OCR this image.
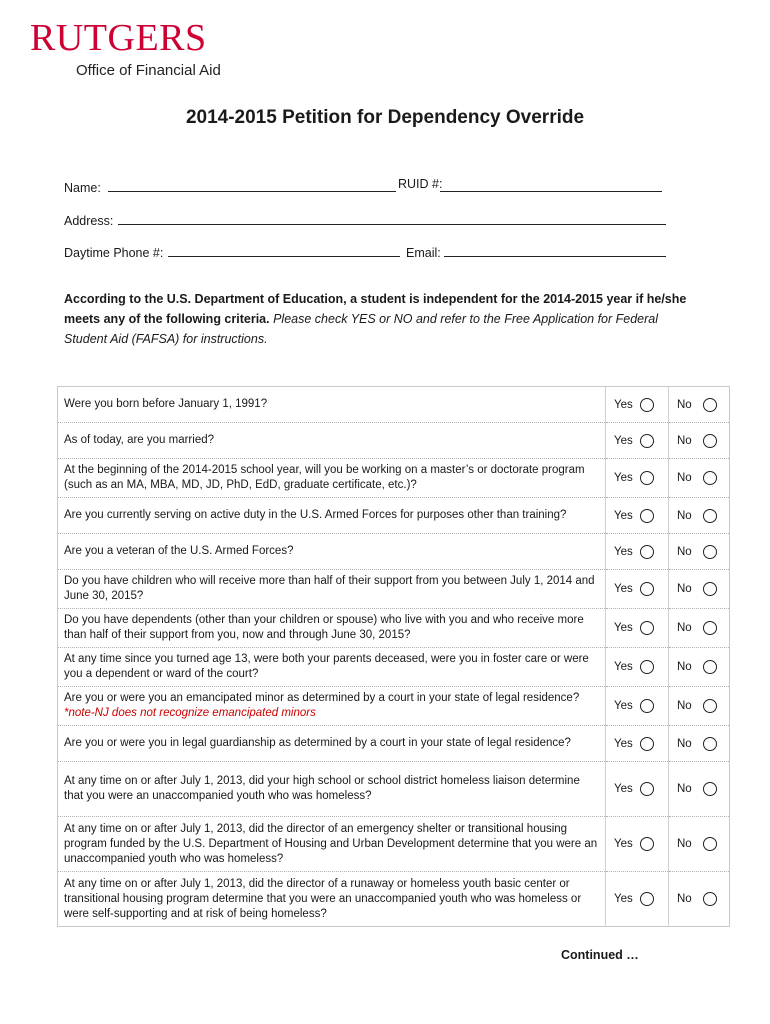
RUTGERS
Office of Financial Aid
2014-2015 Petition for Dependency Override
Name:	RUID #:
Address:
Daytime Phone #:	Email:
According to the U.S. Department of Education, a student is independent for the 2014-2015 year if he/she meets any of the following criteria. Please check YES or NO and refer to the Free Application for Federal Student Aid (FAFSA) for instructions.
Were you born before January 1, 1991?	Yes	No

As of today, are you married?	Yes	No

At the beginning of the 2014-2015 school year, will you be working on a master’s or doctorate program (such as an MA, MBA, MD, JD, PhD, EdD, graduate certificate, etc.)?	Yes	No

Are you currently serving on active duty in the U.S. Armed Forces for purposes other than training?	Yes	No

Are you a veteran of the U.S. Armed Forces?	Yes	No

Do you have children who will receive more than half of their support from you between July 1, 2014 and June 30, 2015?	Yes	No

Do you have dependents (other than your children or spouse) who live with you and who receive more than half of their support from you, now and through June 30, 2015?	Yes	No

At any time since you turned age 13, were both your parents deceased, were you in foster care or were you a dependent or ward of the court?	Yes	No

Are you or were you an emancipated minor as determined by a court in your state of legal residence?
*note-NJ does not recognize emancipated minors	Yes	No

Are you or were you in legal guardianship as determined by a court in your state of legal residence?	Yes	No

At any time on or after July 1, 2013, did your high school or school district homeless liaison determine that you were an unaccompanied youth who was homeless?	Yes	No

At any time on or after July 1, 2013, did the director of an emergency shelter or transitional housing program funded by the U.S. Department of Housing and Urban Development determine that you were an unaccompanied youth who was homeless?	Yes	No

At any time on or after July 1, 2013, did the director of a runaway or homeless youth basic center or transitional housing program determine that you were an unaccompanied youth who was homeless or were self-supporting and at risk of being homeless?	Yes	No
Continued …
